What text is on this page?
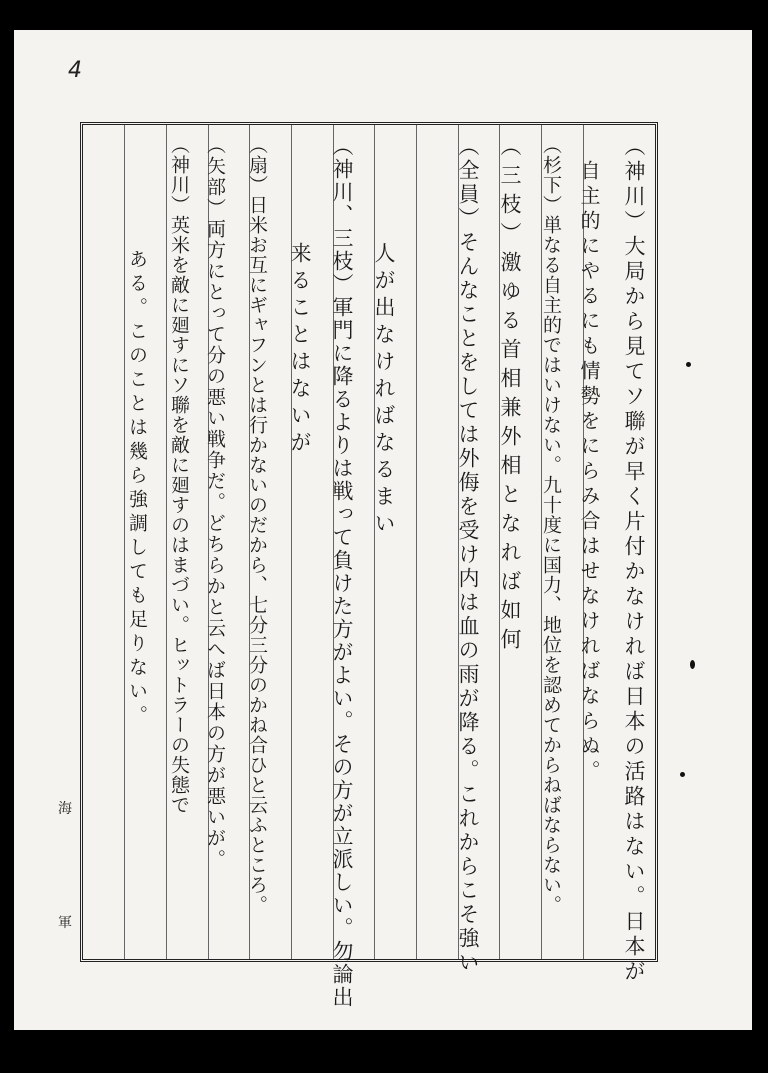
4
（神川）大局から見てソ聯が早く片付かなければ日本の活路はない。日本が
　自主的にやるにも情勢をにらみ合はせなければならぬ。
（杉下）単なる自主的ではいけない。九十度に国力、地位を認めてからねばならない。
（三枝）激ゆる首相兼外相となれば如何
（全員）そんなことをしては外侮を受け内は血の雨が降る。これからこそ強い
　人が出なければなるまい
（神川、三枝）軍門に降るよりは戦って負けた方がよい。その方が立派しい。勿論出
　来ることはないが
（扇）日米お互にギャフンとは行かないのだから、七分三分のかね合ひと云ふところ。
（矢部）両方にとって分の悪い戦争だ。どちらかと云へば日本の方が悪いが。
（神川）英米を敵に廻すにソ聯を敵に廻すのはまづい。ヒットラーの失態で
　ある。このことは幾ら強調しても足りない。
海
軍
